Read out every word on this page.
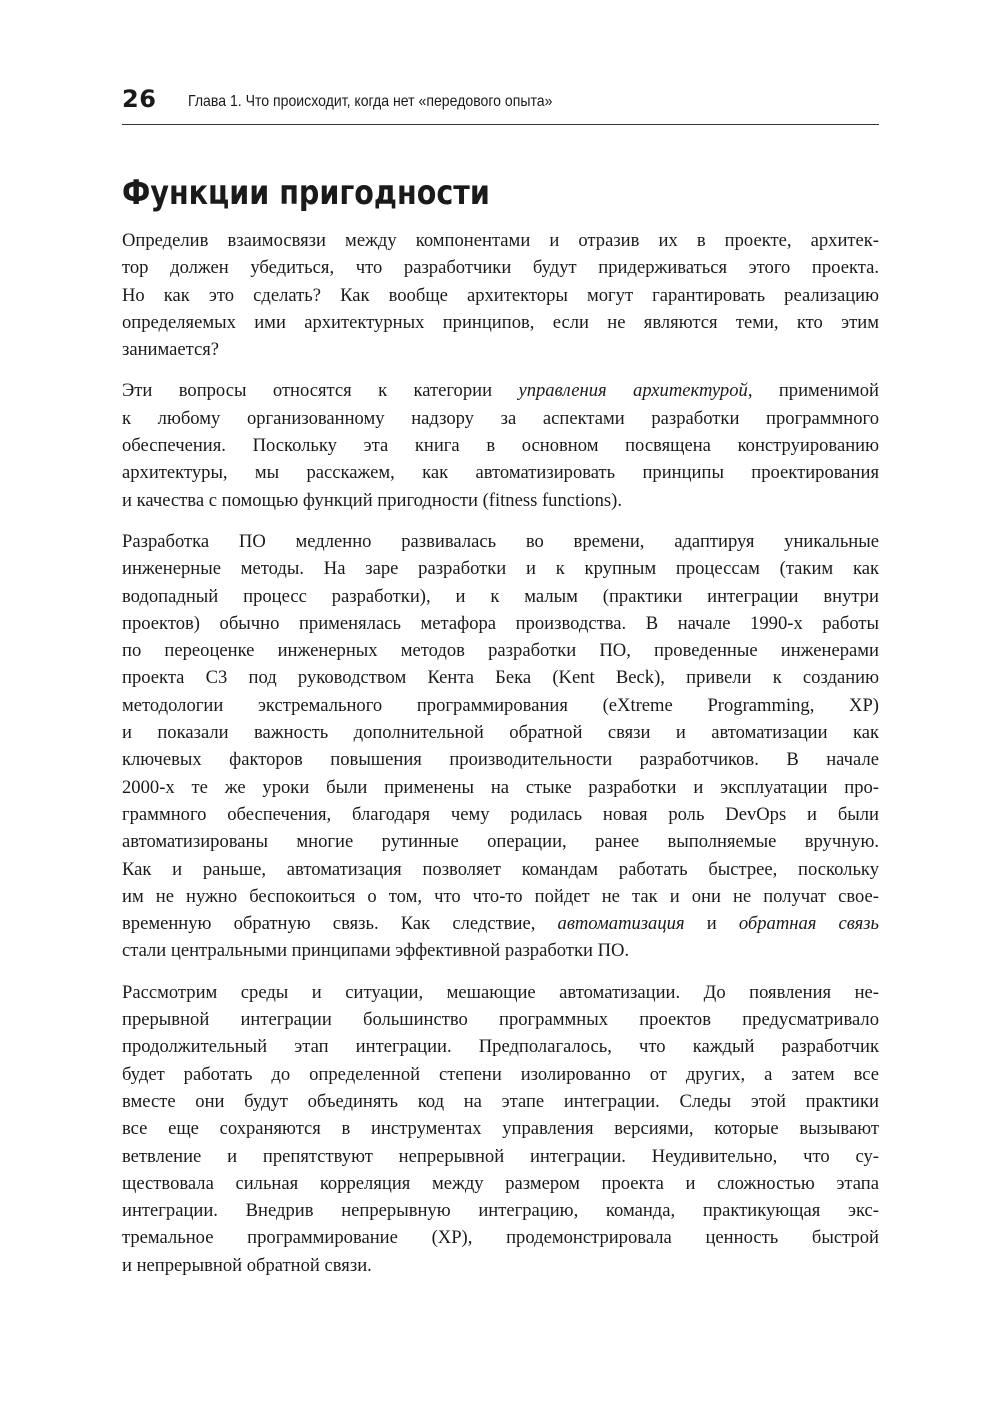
26 Глава 1. Что происходит, когда нет «передового опыта»
Функции пригодности

Определив взаимосвязи между компонентами и отразив их в проекте, архитек-
тор должен убедиться, что разработчики будут придерживаться этого проекта.
Но как это сделать? Как вообще архитекторы могут гарантировать реализацию
определяемых ими архитектурных принципов, если не являются теми, кто этим
занимается?

Эти вопросы относятся к категории управления архитектурой, применимой
к любому организованному надзору за аспектами разработки программного
обеспечения. Поскольку эта книга в основном посвящена конструированию
архитектуры, мы расскажем, как автоматизировать принципы проектирования
и качества с помощью функций пригодности (fitness functions).

Разработка ПО медленно развивалась во времени, адаптируя уникальные
инженерные методы. На заре разработки и к крупным процессам (таким как
водопадный процесс разработки), и к малым (практики интеграции внутри
проектов) обычно применялась метафора производства. В начале 1990-х работы
по переоценке инженерных методов разработки ПО, проведенные инженерами
проекта C3 под руководством Кента Бека (Kent Beck), привели к созданию
методологии экстремального программирования (eXtreme Programming, XP)
и показали важность дополнительной обратной связи и автоматизации как
ключевых факторов повышения производительности разработчиков. В начале
2000-х те же уроки были применены на стыке разработки и эксплуатации про-
граммного обеспечения, благодаря чему родилась новая роль DevOps и были
автоматизированы многие рутинные операции, ранее выполняемые вручную.
Как и раньше, автоматизация позволяет командам работать быстрее, поскольку
им не нужно беспокоиться о том, что что-то пойдет не так и они не получат свое-
временную обратную связь. Как следствие, автоматизация и обратная связь
стали центральными принципами эффективной разработки ПО.

Рассмотрим среды и ситуации, мешающие автоматизации. До появления не-
прерывной интеграции большинство программных проектов предусматривало
продолжительный этап интеграции. Предполагалось, что каждый разработчик
будет работать до определенной степени изолированно от других, а затем все
вместе они будут объединять код на этапе интеграции. Следы этой практики
все еще сохраняются в инструментах управления версиями, которые вызывают
ветвление и препятствуют непрерывной интеграции. Неудивительно, что су-
ществовала сильная корреляция между размером проекта и сложностью этапа
интеграции. Внедрив непрерывную интеграцию, команда, практикующая экс-
тремальное программирование (XP), продемонстрировала ценность быстрой
и непрерывной обратной связи.
